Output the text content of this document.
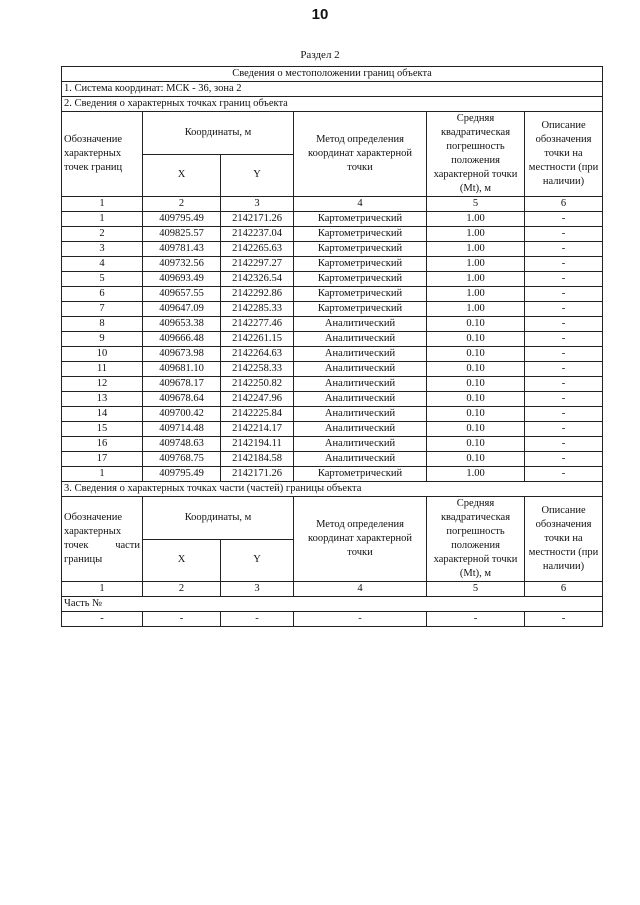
10
Раздел 2
Сведения о местоположении границ объекта					
1. Система координат: МСК - 36, зона 2					
2. Сведения о характерных точках границ объекта					
Обозначение характерных точек границ	Координаты, м		Метод определения координат характерной точки	Средняя квадратическая погрешность положения характерной точки (Mt), м	Описание обозначения точки на местности (при наличии)
	X	Y			
1	2	3	4	5	6
1	409795.49	2142171.26	Картометрический	1.00	-
2	409825.57	2142237.04	Картометрический	1.00	-
3	409781.43	2142265.63	Картометрический	1.00	-
4	409732.56	2142297.27	Картометрический	1.00	-
5	409693.49	2142326.54	Картометрический	1.00	-
6	409657.55	2142292.86	Картометрический	1.00	-
7	409647.09	2142285.33	Картометрический	1.00	-
8	409653.38	2142277.46	Аналитический	0.10	-
9	409666.48	2142261.15	Аналитический	0.10	-
10	409673.98	2142264.63	Аналитический	0.10	-
11	409681.10	2142258.33	Аналитический	0.10	-
12	409678.17	2142250.82	Аналитический	0.10	-
13	409678.64	2142247.96	Аналитический	0.10	-
14	409700.42	2142225.84	Аналитический	0.10	-
15	409714.48	2142214.17	Аналитический	0.10	-
16	409748.63	2142194.11	Аналитический	0.10	-
17	409768.75	2142184.58	Аналитический	0.10	-
1	409795.49	2142171.26	Картометрический	1.00	-
3. Сведения о характерных точках части (частей) границы объекта					

Обозначение
характерных
точек   части
границы	Координаты, м		Метод определения координат характерной точки	Средняя квадратическая погрешность положения характерной точки (Mt), м	Описание обозначения точки на местности (при наличии)
	X	Y			
1	2	3	4	5	6
Часть №					
-	-	-	-	-	-
